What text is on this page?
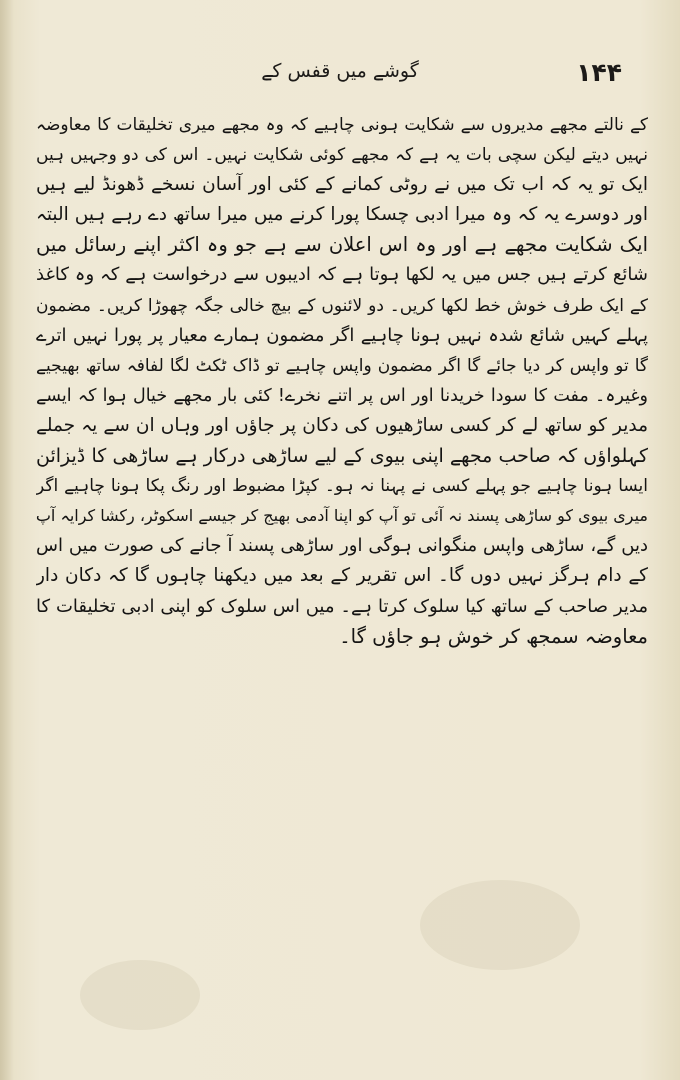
گوشے میں قفس کے	۱۴۴
کے نالتے مجھے مدیروں سے شکایت ہونی چاہیے کہ وہ مجھے میری تخلیقات کا معاوضہ
نہیں دیتے لیکن سچی بات یہ ہے کہ مجھے کوئی شکایت نہیں۔ اس کی دو وجہیں ہیں
ایک تو یہ کہ اب تک میں نے روٹی کمانے کے کئی اور آسان نسخے ڈھونڈ لیے ہیں
اور دوسرے یہ کہ وہ میرا ادبی چسکا پورا کرنے میں میرا ساتھ دے رہے ہیں البتہ
ایک شکایت مجھے ہے اور وہ اس اعلان سے ہے جو وہ اکثر اپنے رسائل میں
شائع کرتے ہیں جس میں یہ لکھا ہوتا ہے کہ ادیبوں سے درخواست ہے کہ وہ کاغذ
کے ایک طرف خوش خط لکھا کریں۔ دو لائنوں کے بیچ خالی جگہ چھوڑا کریں۔ مضمون
پہلے کہیں شائع شدہ نہیں ہونا چاہیے اگر مضمون ہمارے معیار پر پورا نہیں اترے
گا تو واپس کر دیا جائے گا اگر مضمون واپس چاہیے تو ڈاک ٹکٹ لگا لفافہ ساتھ بھیجیے
وغیرہ۔ مفت کا سودا خریدنا اور اس پر اتنے نخرے! کئی بار مجھے خیال ہوا کہ ایسے
مدیر کو ساتھ لے کر کسی ساڑھیوں کی دکان پر جاؤں اور وہاں ان سے یہ جملے
کہلواؤں کہ صاحب مجھے اپنی بیوی کے لیے ساڑھی درکار ہے ساڑھی کا ڈیزائن
ایسا ہونا چاہیے جو پہلے کسی نے پہنا نہ ہو۔ کپڑا مضبوط اور رنگ پکا ہونا چاہیے اگر
میری بیوی کو ساڑھی پسند نہ آئی تو آپ کو اپنا آدمی بھیج کر جیسے اسکوٹر، رکشا کرایہ آپ
دیں گے، ساڑھی واپس منگوانی ہوگی اور ساڑھی پسند آ جانے کی صورت میں اس
کے دام ہرگز نہیں دوں گا۔ اس تقریر کے بعد میں دیکھنا چاہوں گا کہ دکان دار
مدیر صاحب کے ساتھ کیا سلوک کرتا ہے۔ میں اس سلوک کو اپنی ادبی تخلیقات کا
معاوضہ سمجھ کر خوش ہو جاؤں گا۔
